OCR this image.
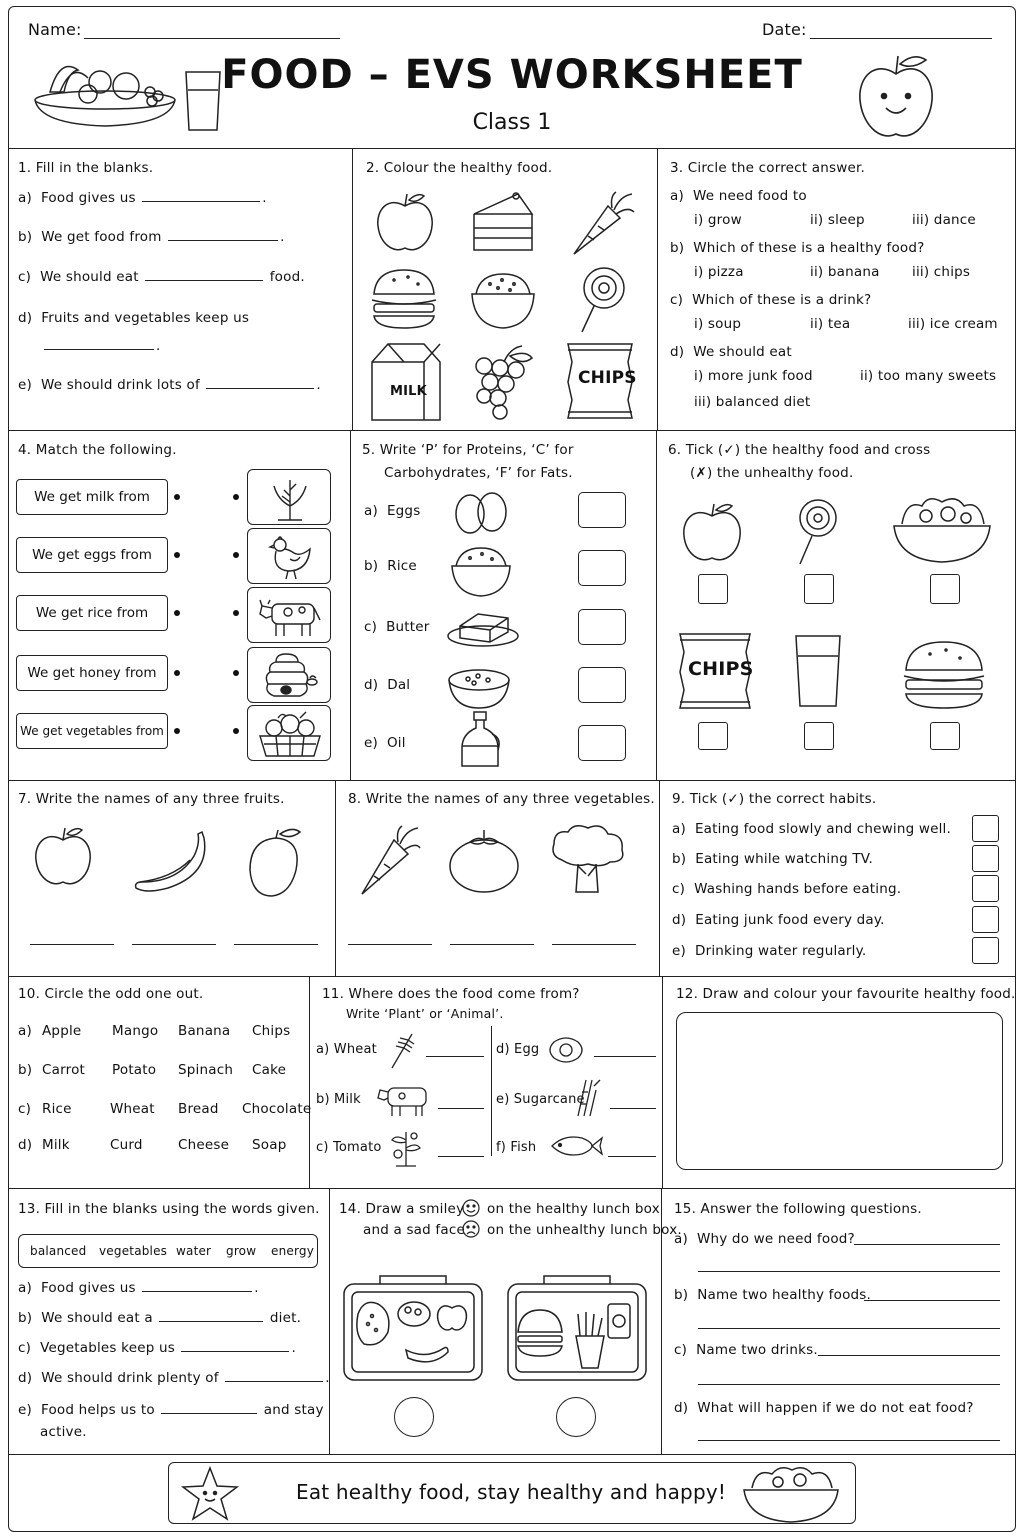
Name:	Date:
FOOD – EVS WORKSHEET
Class 1
1. Fill in the blanks.
a) Food gives us	.
b) We get food from	.
c) We should eat	food.
d) Fruits and vegetables keep us
.
e) We should drink lots of	.
2. Colour the healthy food.
MILK
CHIPS
3. Circle the correct answer.
a) We need food to
i) grow	ii) sleep	iii) dance
b) Which of these is a healthy food?
i) pizza	ii) banana iii) chips
c) Which of these is a drink?
i) soup	ii) tea	iii) ice cream
d) We should eat
i) more junk food	ii) too many sweets
iii) balanced diet
4. Match the following.
We get milk from
We get eggs from
We get rice from
We get honey from
We get vegetables from
5. Write ‘P’ for Proteins, ‘C’ for
Carbohydrates, ‘F’ for Fats.
a) Eggs
b) Rice
c) Butter
d) Dal
e) Oil
6. Tick (✓) the healthy food and cross
(✗) the unhealthy food.
CHIPS
7. Write the names of any three fruits.	8. Write the names of any three vegetables. 9. Tick (✓) the correct habits.
a) Eating food slowly and chewing well.
b) Eating while watching TV.
c) Washing hands before eating.
d) Eating junk food every day.
e) Drinking water regularly.
10. Circle the odd one out.
a) Apple Mango Banana Chips
b) Carrot Potato Spinach Cake
c) Rice	Wheat Bread Chocolate
d) Milk	Curd	Cheese Soap
11. Where does the food come from?
Write ‘Plant’ or ‘Animal’.
a) Wheat
b) Milk
c) Tomato
d) Egg
e) Sugarcane
f) Fish
12. Draw and colour your favourite healthy food.
13. Fill in the blanks using the words given.
balanced vegetables water grow energy
a) Food gives us	.
b) We should eat a	diet.
c) Vegetables keep us	.
d) We should drink plenty of	.
e) Food helps us to	and stay
active.
14. Draw a smiley on the healthy lunch box
and a sad face on the unhealthy lunch box.
15. Answer the following questions.
a) Why do we need food?
b) Name two healthy foods.
c) Name two drinks.
d) What will happen if we do not eat food?
Eat healthy food, stay healthy and happy!
